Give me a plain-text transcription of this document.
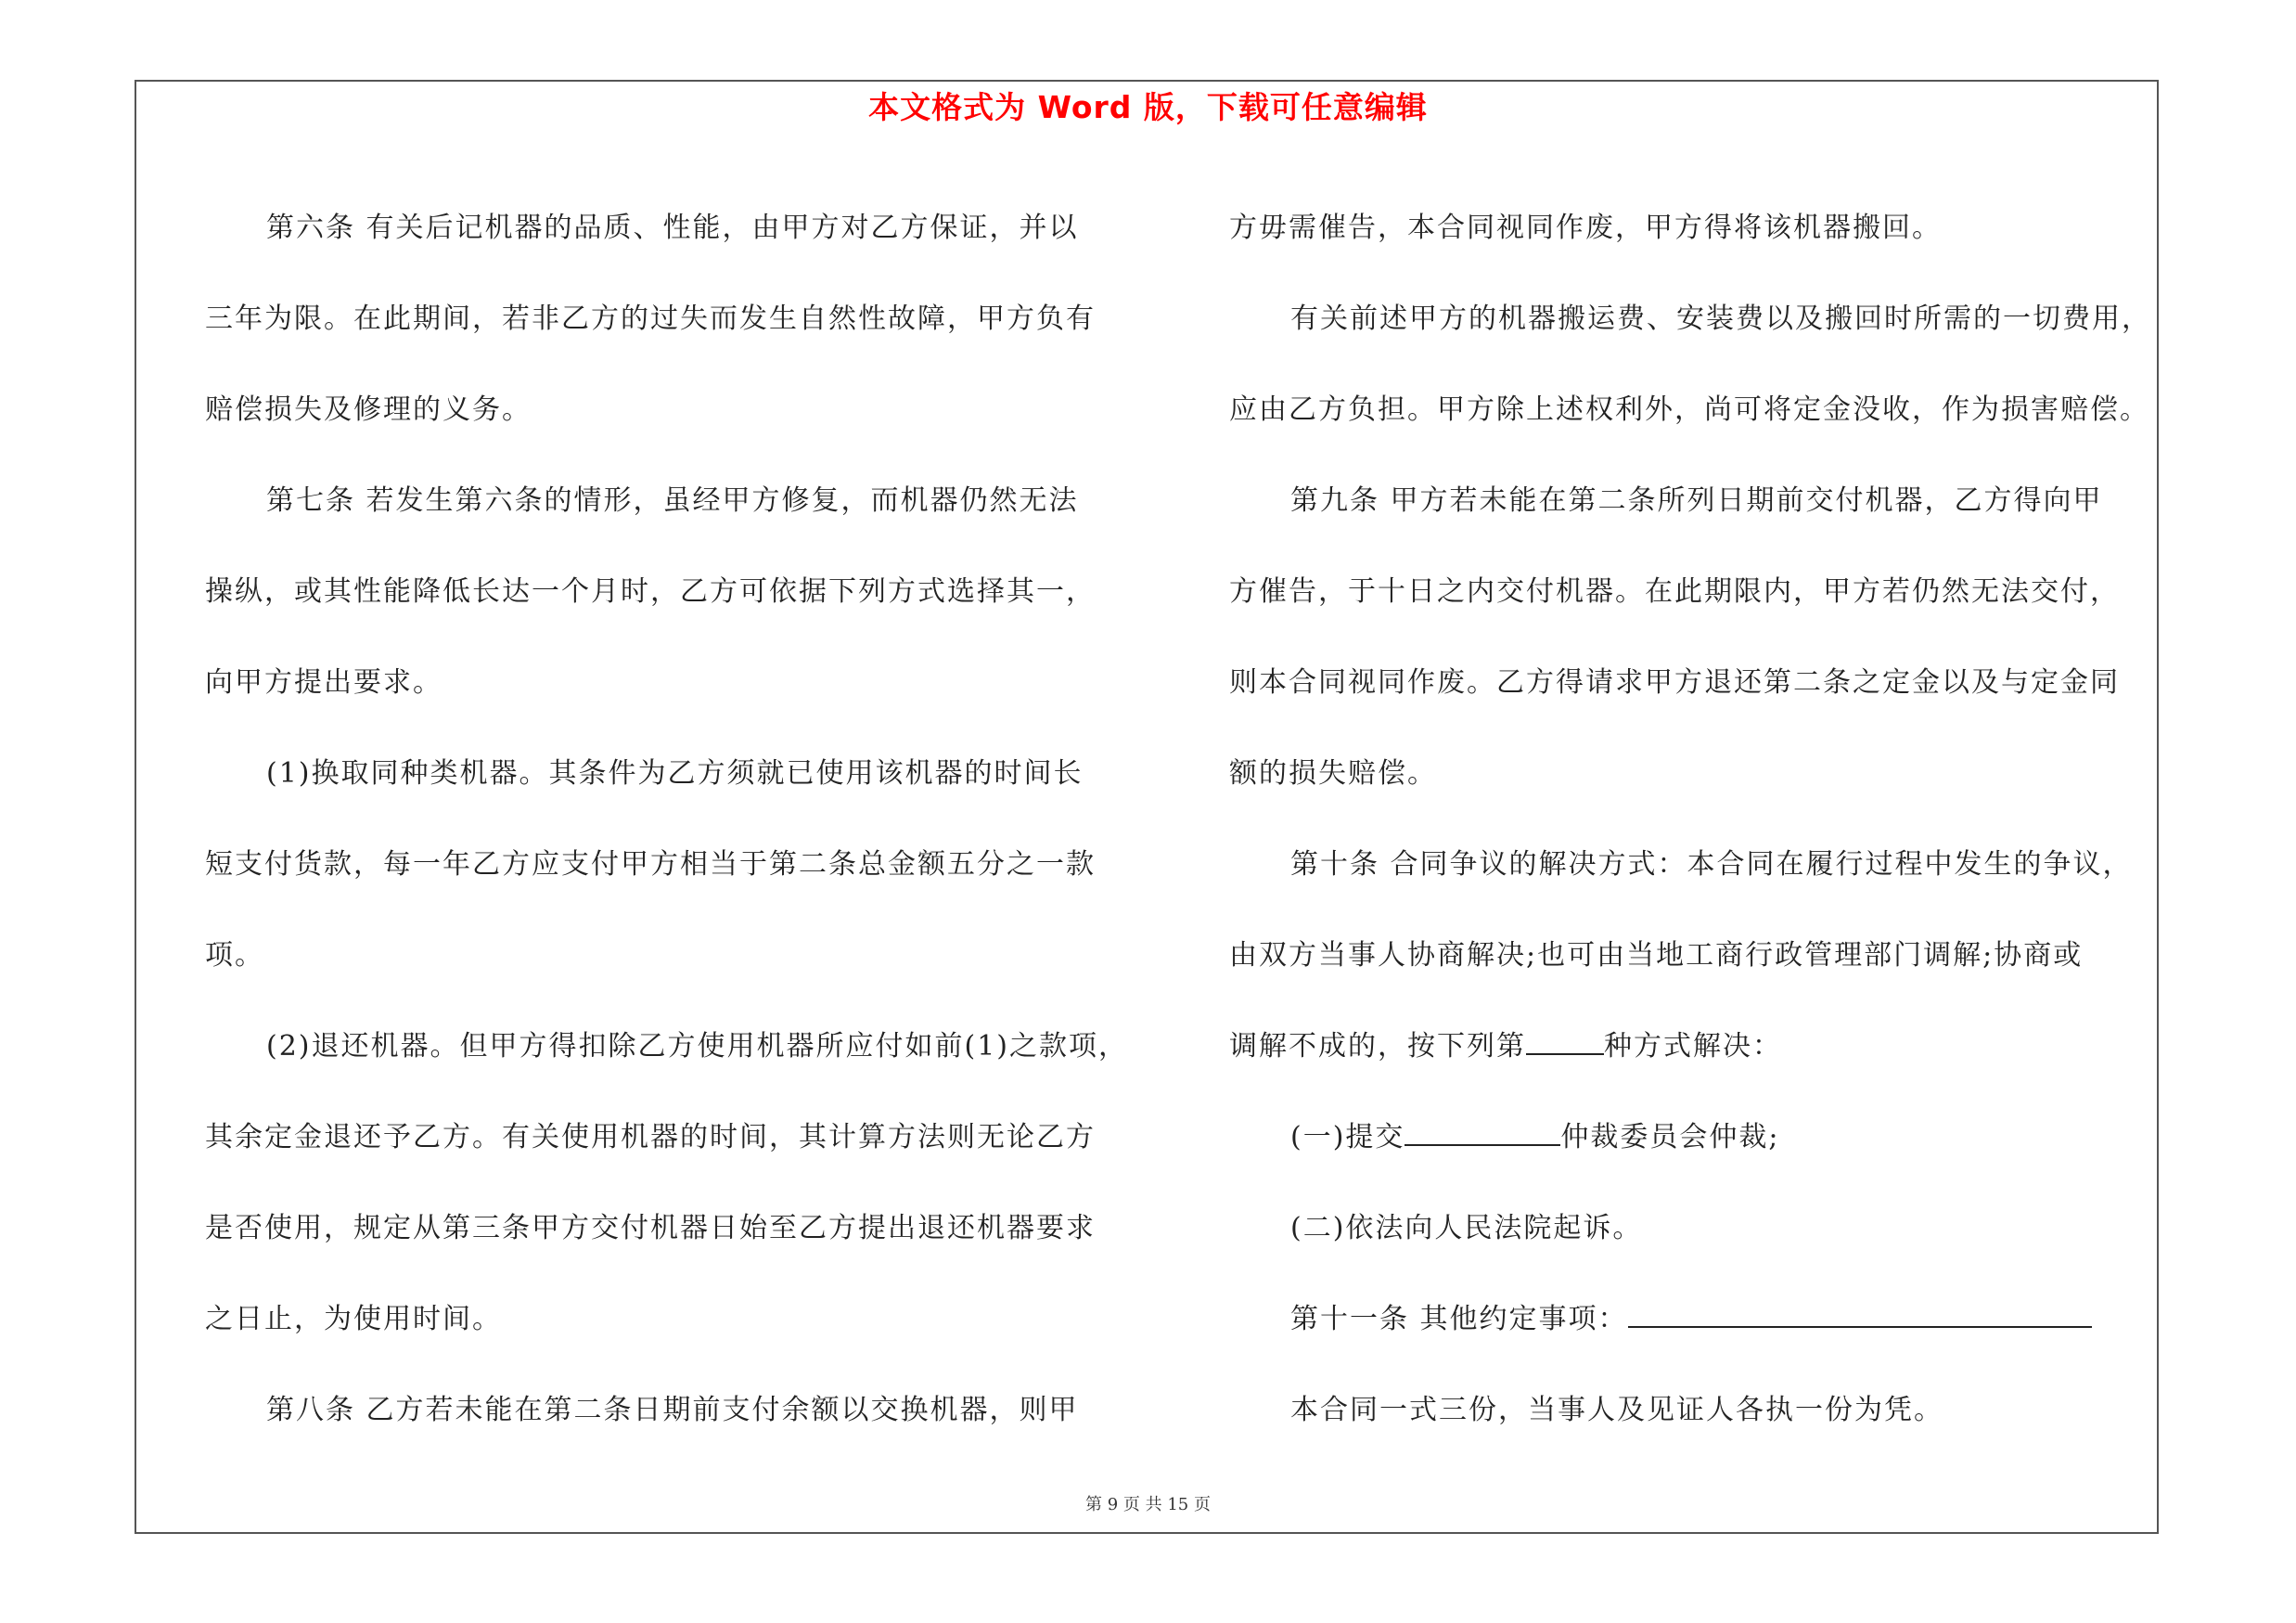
本文格式为 Word 版，下载可任意编辑
第六条 有关后记机器的品质、性能，由甲方对乙方保证，并以
三年为限。在此期间，若非乙方的过失而发生自然性故障，甲方负有
赔偿损失及修理的义务。
第七条 若发生第六条的情形，虽经甲方修复，而机器仍然无法
操纵，或其性能降低长达一个月时，乙方可依据下列方式选择其一，
向甲方提出要求。
(1)换取同种类机器。其条件为乙方须就已使用该机器的时间长
短支付货款，每一年乙方应支付甲方相当于第二条总金额五分之一款
项。
(2)退还机器。但甲方得扣除乙方使用机器所应付如前(1)之款项，
其余定金退还予乙方。有关使用机器的时间，其计算方法则无论乙方
是否使用，规定从第三条甲方交付机器日始至乙方提出退还机器要求
之日止，为使用时间。
第八条 乙方若未能在第二条日期前支付余额以交换机器，则甲
方毋需催告，本合同视同作废，甲方得将该机器搬回。
有关前述甲方的机器搬运费、安装费以及搬回时所需的一切费用，
应由乙方负担。甲方除上述权利外，尚可将定金没收，作为损害赔偿。
第九条 甲方若未能在第二条所列日期前交付机器，乙方得向甲
方催告，于十日之内交付机器。在此期限内，甲方若仍然无法交付，
则本合同视同作废。乙方得请求甲方退还第二条之定金以及与定金同
额的损失赔偿。
第十条 合同争议的解决方式：本合同在履行过程中发生的争议，
由双方当事人协商解决;也可由当地工商行政管理部门调解;协商或
调解不成的，按下列第	种方式解决：
(一)提交	仲裁委员会仲裁;
(二)依法向人民法院起诉。
第十一条 其他约定事项：
本合同一式三份，当事人及见证人各执一份为凭。
第 9 页 共 15 页
